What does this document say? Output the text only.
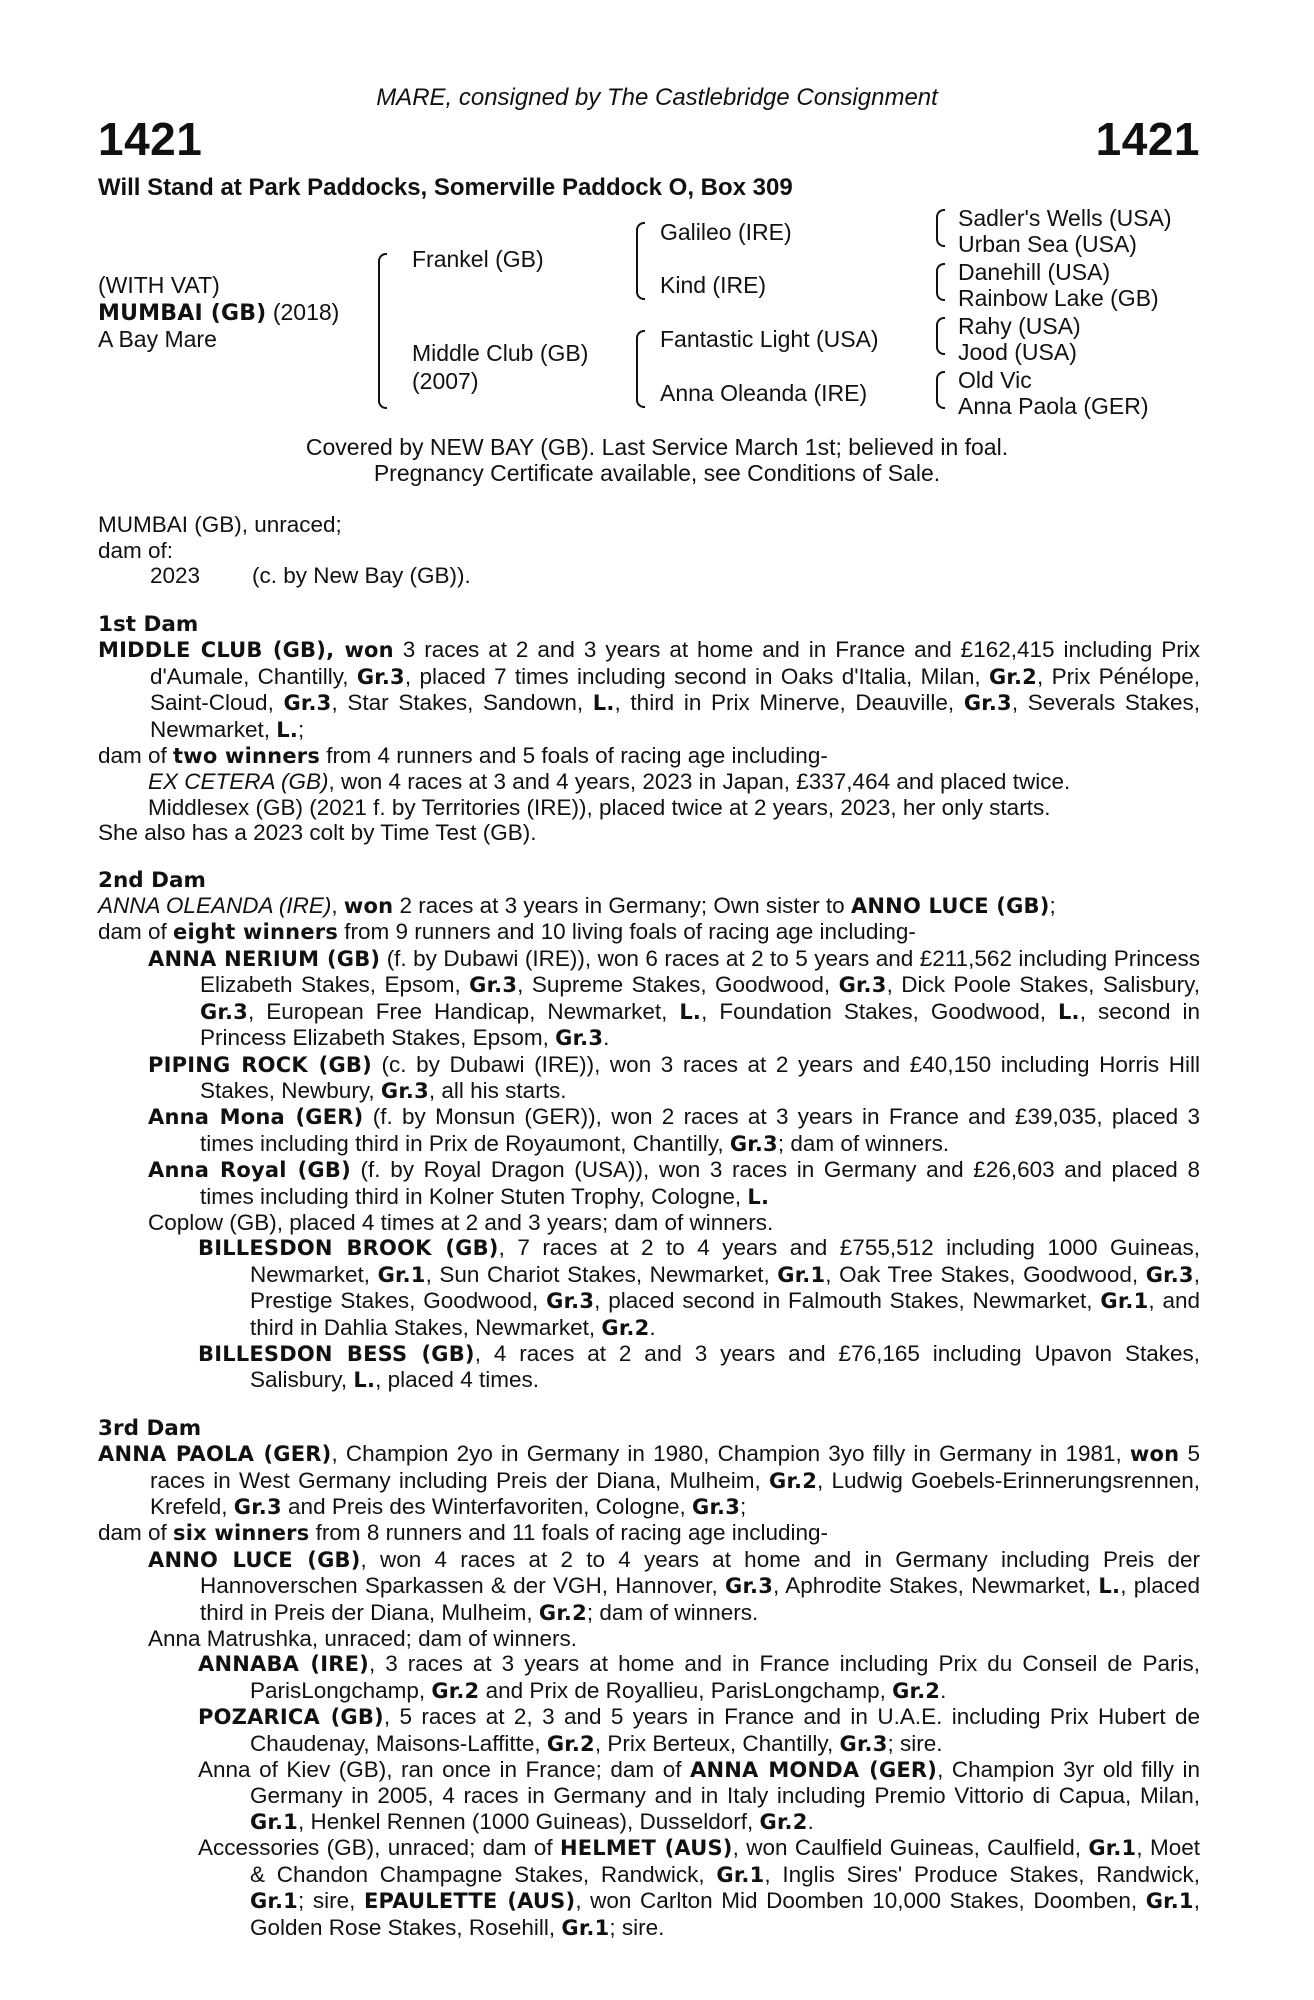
MARE, consigned by The Castlebridge Consignment
1421	1421
Will Stand at Park Paddocks, Somerville Paddock O, Box 309
(WITH VAT)
MUMBAI (GB) (2018)
A Bay Mare
Frankel (GB)
Middle Club (GB)
(2007)
Galileo (IRE)
Kind (IRE)
Fantastic Light (USA)
Anna Oleanda (IRE)
Sadler's Wells (USA)
Urban Sea (USA)
Danehill (USA)
Rainbow Lake (GB)
Rahy (USA)
Jood (USA)
Old Vic
Anna Paola (GER)
Covered by NEW BAY (GB). Last Service March 1st; believed in foal.
Pregnancy Certificate available, see Conditions of Sale.
MUMBAI (GB), unraced;
dam of:
2023 (c. by New Bay (GB)).

1st Dam

MIDDLE CLUB (GB), won 3 races at 2 and 3 years at home and in France and £162,415 including Prix d'Aumale, Chantilly, Gr.3, placed 7 times including second in Oaks d'Italia, Milan, Gr.2, Prix Pénélope, Saint-Cloud, Gr.3, Star Stakes, Sandown, L., third in Prix Minerve, Deauville, Gr.3, Severals Stakes, Newmarket, L.;

dam of two winners from 4 runners and 5 foals of racing age including-

EX CETERA (GB), won 4 races at 3 and 4 years, 2023 in Japan, £337,464 and placed twice.

Middlesex (GB) (2021 f. by Territories (IRE)), placed twice at 2 years, 2023, her only starts.

She also has a 2023 colt by Time Test (GB).

2nd Dam

ANNA OLEANDA (IRE), won 2 races at 3 years in Germany; Own sister to ANNO LUCE (GB);

dam of eight winners from 9 runners and 10 living foals of racing age including-

ANNA NERIUM (GB) (f. by Dubawi (IRE)), won 6 races at 2 to 5 years and £211,562 including Princess Elizabeth Stakes, Epsom, Gr.3, Supreme Stakes, Goodwood, Gr.3, Dick Poole Stakes, Salisbury, Gr.3, European Free Handicap, Newmarket, L., Foundation Stakes, Goodwood, L., second in Princess Elizabeth Stakes, Epsom, Gr.3.

PIPING ROCK (GB) (c. by Dubawi (IRE)), won 3 races at 2 years and £40,150 including Horris Hill Stakes, Newbury, Gr.3, all his starts.

Anna Mona (GER) (f. by Monsun (GER)), won 2 races at 3 years in France and £39,035, placed 3 times including third in Prix de Royaumont, Chantilly, Gr.3; dam of winners.

Anna Royal (GB) (f. by Royal Dragon (USA)), won 3 races in Germany and £26,603 and placed 8 times including third in Kolner Stuten Trophy, Cologne, L.

Coplow (GB), placed 4 times at 2 and 3 years; dam of winners.

BILLESDON BROOK (GB), 7 races at 2 to 4 years and £755,512 including 1000 Guineas, Newmarket, Gr.1, Sun Chariot Stakes, Newmarket, Gr.1, Oak Tree Stakes, Goodwood, Gr.3, Prestige Stakes, Goodwood, Gr.3, placed second in Falmouth Stakes, Newmarket, Gr.1, and third in Dahlia Stakes, Newmarket, Gr.2.

BILLESDON BESS (GB), 4 races at 2 and 3 years and £76,165 including Upavon Stakes, Salisbury, L., placed 4 times.

3rd Dam

ANNA PAOLA (GER), Champion 2yo in Germany in 1980, Champion 3yo filly in Germany in 1981, won 5 races in West Germany including Preis der Diana, Mulheim, Gr.2, Ludwig Goebels-Erinnerungsrennen, Krefeld, Gr.3 and Preis des Winterfavoriten, Cologne, Gr.3;

dam of six winners from 8 runners and 11 foals of racing age including-

ANNO LUCE (GB), won 4 races at 2 to 4 years at home and in Germany including Preis der Hannoverschen Sparkassen & der VGH, Hannover, Gr.3, Aphrodite Stakes, Newmarket, L., placed third in Preis der Diana, Mulheim, Gr.2; dam of winners.

Anna Matrushka, unraced; dam of winners.

ANNABA (IRE), 3 races at 3 years at home and in France including Prix du Conseil de Paris, ParisLongchamp, Gr.2 and Prix de Royallieu, ParisLongchamp, Gr.2.

POZARICA (GB), 5 races at 2, 3 and 5 years in France and in U.A.E. including Prix Hubert de Chaudenay, Maisons-Laffitte, Gr.2, Prix Berteux, Chantilly, Gr.3; sire.

Anna of Kiev (GB), ran once in France; dam of ANNA MONDA (GER), Champion 3yr old filly in Germany in 2005, 4 races in Germany and in Italy including Premio Vittorio di Capua, Milan, Gr.1, Henkel Rennen (1000 Guineas), Dusseldorf, Gr.2.

Accessories (GB), unraced; dam of HELMET (AUS), won Caulfield Guineas, Caulfield, Gr.1, Moet & Chandon Champagne Stakes, Randwick, Gr.1, Inglis Sires' Produce Stakes, Randwick, Gr.1; sire, EPAULETTE (AUS), won Carlton Mid Doomben 10,000 Stakes, Doomben, Gr.1, Golden Rose Stakes, Rosehill, Gr.1; sire.
